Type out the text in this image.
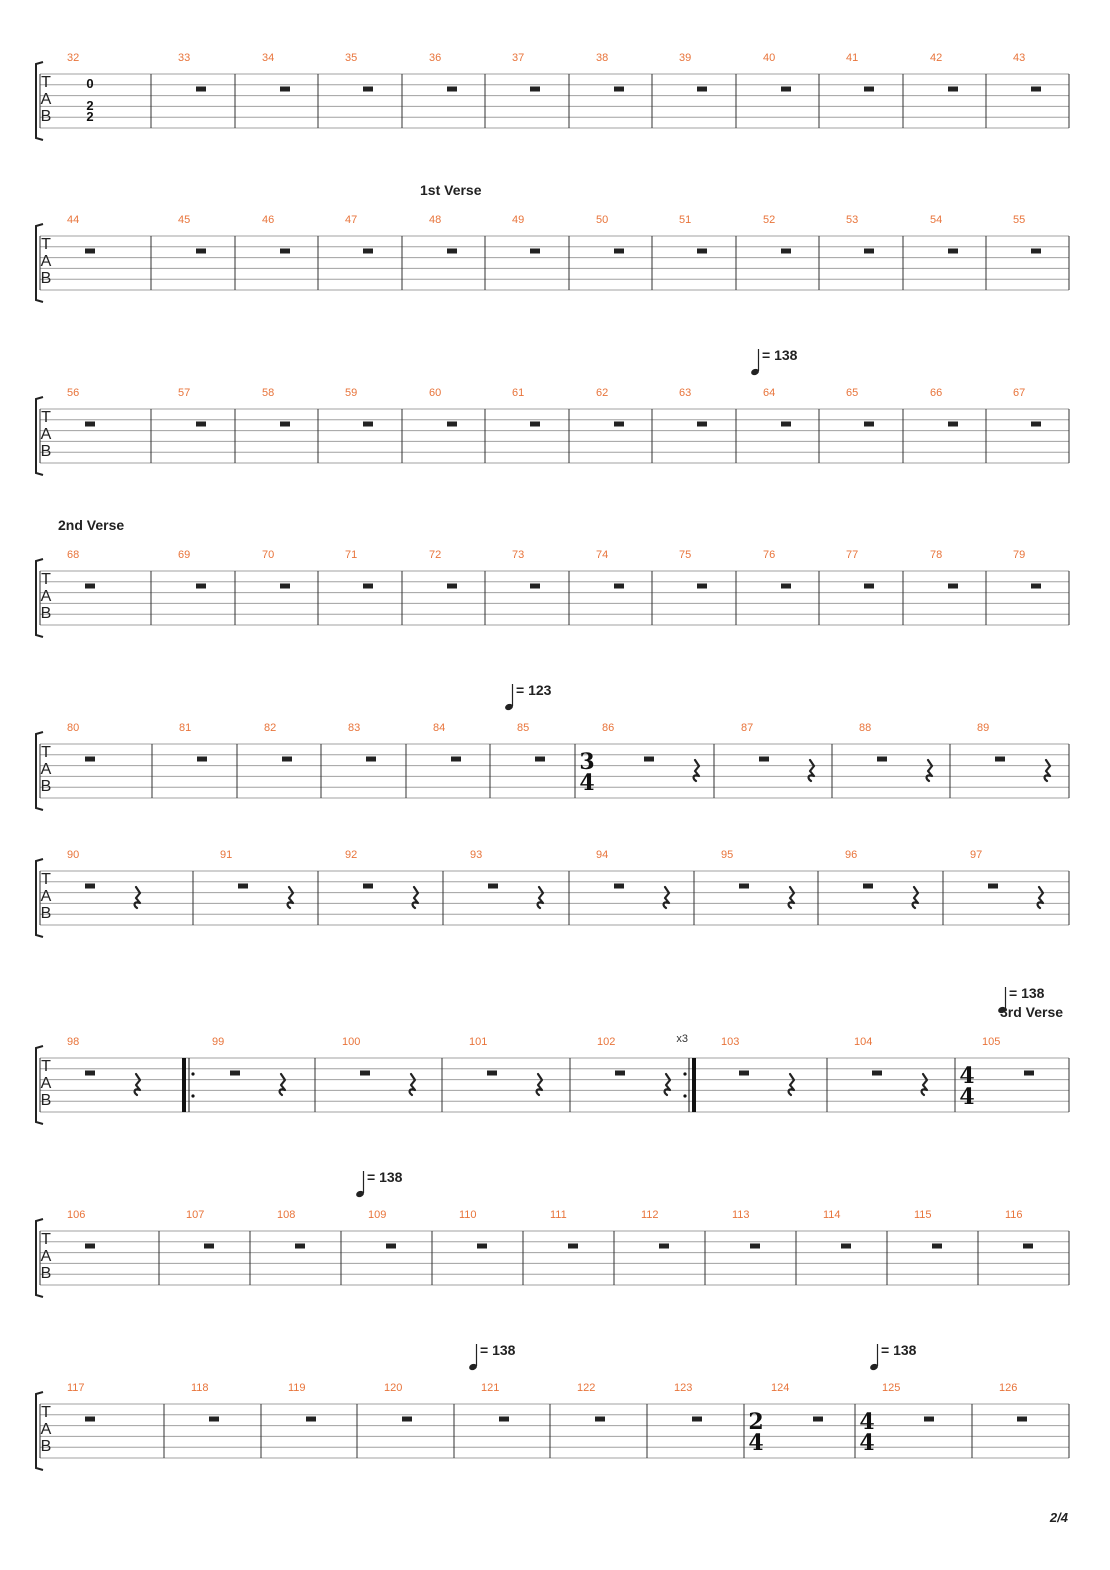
T
A
B
32
0
2
2
33	34	35	36	37	38	39	40	41	42	43
T
A
B
44	45	46	47	48	49	50	51	52	53	54	55
1st Verse
T
A
B
56	57	58	59	60	61	62	63	64	65	66	67
= 138
T
A
B
68	69	70	71	72	73	74	75	76	77	78	79
2nd Verse
T
A
B
80	81	82	83	84	85	86
3
4
87	88	89
= 123
T
A
B
90	91	92	93	94	95	96	97
T
A
B
98	99	100	101	102	x3	103	104	105
4
4
= 138
3rd Verse
T
A
B
106	107	108	109	110	111	112	113	114	115	116
= 138
T
A
B
117	118	119	120	121	122	123	124
2
4
125
4
4
126
= 138	= 138
2/4
